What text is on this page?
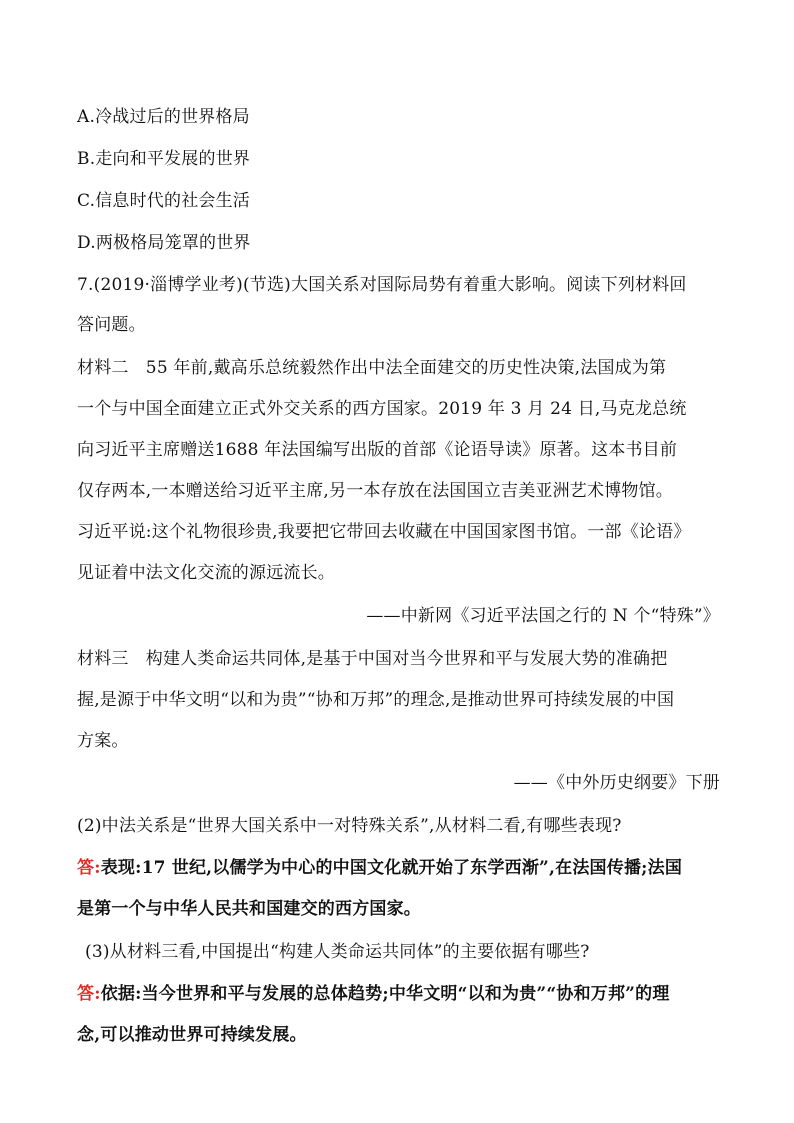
A.冷战过后的世界格局
B.走向和平发展的世界
C.信息时代的社会生活
D.两极格局笼罩的世界
7.(2019·淄博学业考)(节选)大国关系对国际局势有着重大影响。阅读下列材料回
答问题。
材料二　55 年前,戴高乐总统毅然作出中法全面建交的历史性决策,法国成为第
一个与中国全面建立正式外交关系的西方国家。2019 年 3 月 24 日,马克龙总统
向习近平主席赠送1688 年法国编写出版的首部《论语导读》原著。这本书目前
仅存两本,一本赠送给习近平主席,另一本存放在法国国立吉美亚洲艺术博物馆。
习近平说:这个礼物很珍贵,我要把它带回去收藏在中国国家图书馆。一部《论语》
见证着中法文化交流的源远流长。
——中新网《习近平法国之行的 N 个“特殊”》
材料三　构建人类命运共同体,是基于中国对当今世界和平与发展大势的准确把
握,是源于中华文明“以和为贵”“协和万邦”的理念,是推动世界可持续发展的中国
方案。
——《中外历史纲要》下册
(2)中法关系是“世界大国关系中一对特殊关系”,从材料二看,有哪些表现?
答:表现:17 世纪,以儒学为中心的中国文化就开始了东学西渐”,在法国传播;法国
是第一个与中华人民共和国建交的西方国家。
(3)从材料三看,中国提出“构建人类命运共同体”的主要依据有哪些?
答:依据:当今世界和平与发展的总体趋势;中华文明“以和为贵”“协和万邦”的理
念,可以推动世界可持续发展。
